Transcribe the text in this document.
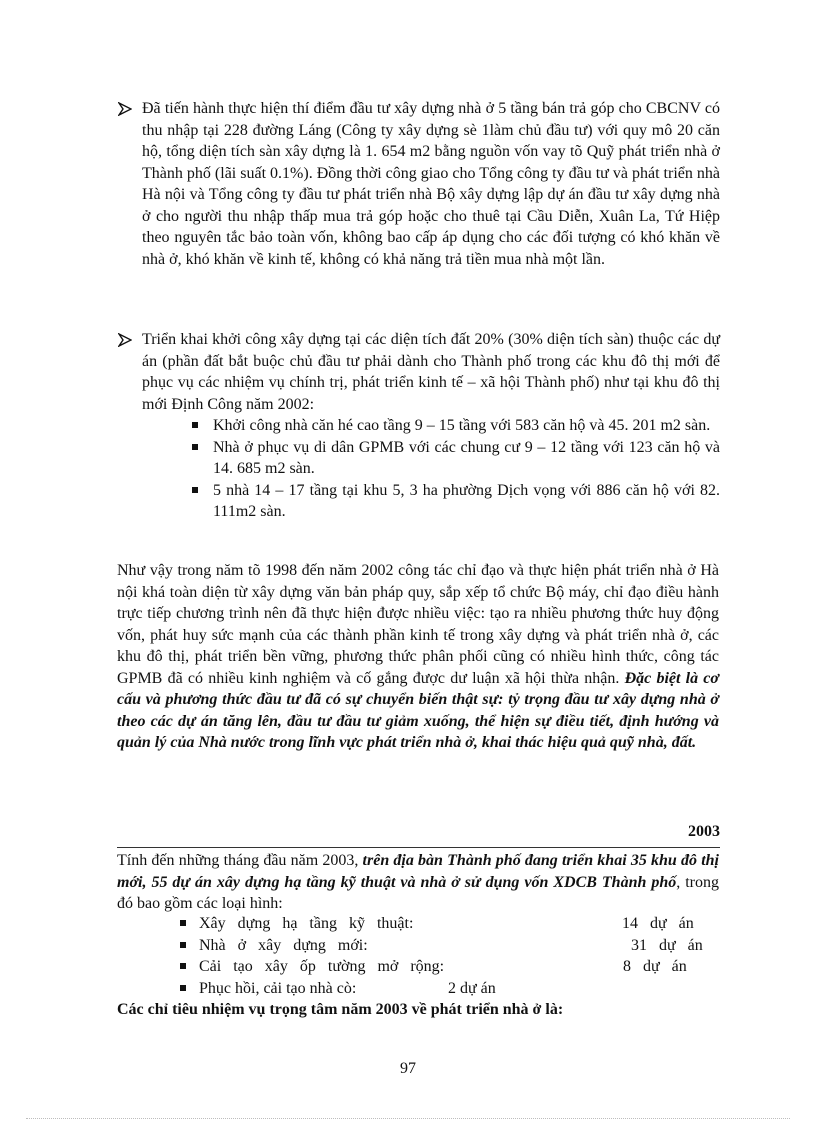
Đã tiến hành thực hiện thí điểm đầu tư xây dựng nhà ở 5 tầng bán trả góp cho CBCNV có thu nhập tại 228 đường Láng (Công ty xây dựng sè 1làm chủ đầu tư) với quy mô 20 căn hộ, tổng diện tích sàn xây dựng là 1. 654 m2 bằng nguồn vốn vay tõ Quỹ phát triển nhà ở Thành phố (lãi suất 0.1%). Đồng thời công giao cho Tổng công ty đầu tư và phát triển nhà Hà nội và Tổng công ty đầu tư phát triển nhà Bộ xây dựng lập dự án đầu tư xây dựng nhà ở cho người thu nhập thấp mua trả góp hoặc cho thuê tại Cầu Diễn, Xuân La, Tứ Hiệp theo nguyên tắc bảo toàn vốn, không bao cấp áp dụng cho các đối tượng có khó khăn về nhà ở, khó khăn về kinh tế, không có khả năng trả tiền mua nhà một lần.
Triển khai khởi công xây dựng tại các diện tích đất 20% (30% diện tích sàn) thuộc các dự án (phần đất bắt buộc chủ đầu tư phải dành cho Thành phố trong các khu đô thị mới để phục vụ các nhiệm vụ chính trị, phát triển kinh tế – xã hội Thành phố) như tại khu đô thị mới Định Công năm 2002:
Khởi công nhà căn hé cao tầng 9 – 15 tầng với 583 căn hộ và 45. 201 m2 sàn.
Nhà ở phục vụ di dân GPMB với các chung cư 9 – 12 tầng với 123 căn hộ và 14. 685 m2 sàn.
5 nhà 14 – 17 tầng tại khu 5, 3 ha phường Dịch vọng với 886 căn hộ với 82. 111m2 sàn.
Như vậy trong năm tõ 1998 đến năm 2002 công tác chỉ đạo và thực hiện phát triển nhà ở Hà nội khá toàn diện từ xây dựng văn bản pháp quy, sắp xếp tổ chức Bộ máy, chỉ đạo điều hành trực tiếp chương trình nên đã thực hiện được nhiều việc: tạo ra nhiều phương thức huy động vốn, phát huy sức mạnh của các thành phần kinh tế trong xây dựng và phát triển nhà ở, các khu đô thị, phát triển bền vững, phương thức phân phối cũng có nhiều hình thức, công tác GPMB đã có nhiều kinh nghiệm và cố gắng được dư luận xã hội thừa nhận. Đặc biệt là cơ cấu và phương thức đầu tư đã có sự chuyển biến thật sự: tỷ trọng đầu tư xây dựng nhà ở theo các dự án tăng lên, đầu tư đầu tư giảm xuống, thể hiện sự điều tiết, định hướng và quản lý của Nhà nước trong lĩnh vực phát triển nhà ở, khai thác hiệu quả quỹ nhà, đất.
2003
Tính đến những tháng đầu năm 2003, trên địa bàn Thành phố đang triển khai 35 khu đô thị mới, 55 dự án xây dựng hạ tầng kỹ thuật và nhà ở sử dụng vốn XDCB Thành phố, trong đó bao gồm các loại hình:
Xây   dựng   hạ   tầng   kỹ   thuật:	14   dự   án
Nhà   ở   xây   dựng   mới:	31   dự   án
Cải   tạo   xây   ốp   tường   mở   rộng:	8   dự   án
Phục hồi, cải tạo nhà cò:	2 dự án
Các chỉ tiêu nhiệm vụ trọng tâm năm 2003 về phát triển nhà ở là:
97
